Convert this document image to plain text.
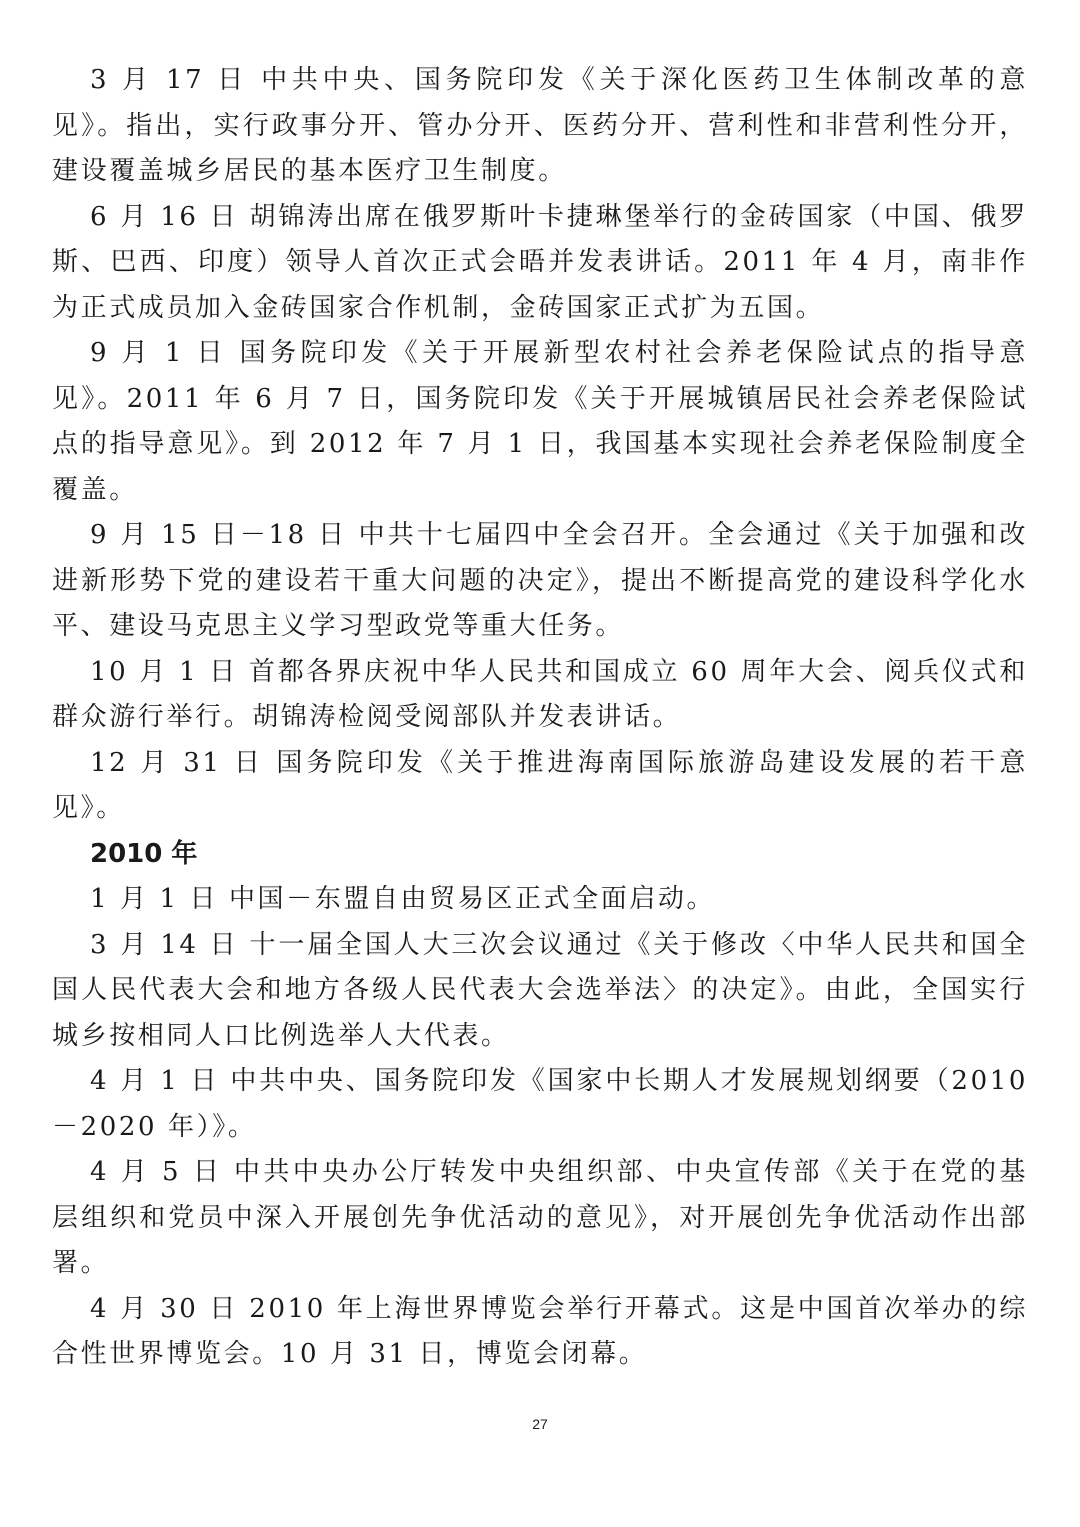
3 月 17 日 中共中央、国务院印发《关于深化医药卫生体制改革的意见》。指出，实行政事分开、管办分开、医药分开、营利性和非营利性分开，建设覆盖城乡居民的基本医疗卫生制度。

6 月 16 日 胡锦涛出席在俄罗斯叶卡捷琳堡举行的金砖国家（中国、俄罗斯、巴西、印度）领导人首次正式会晤并发表讲话。2011 年 4 月，南非作为正式成员加入金砖国家合作机制，金砖国家正式扩为五国。

9 月 1 日 国务院印发《关于开展新型农村社会养老保险试点的指导意见》。2011 年 6 月 7 日，国务院印发《关于开展城镇居民社会养老保险试点的指导意见》。到 2012 年 7 月 1 日，我国基本实现社会养老保险制度全覆盖。

9 月 15 日－18 日 中共十七届四中全会召开。全会通过《关于加强和改进新形势下党的建设若干重大问题的决定》，提出不断提高党的建设科学化水平、建设马克思主义学习型政党等重大任务。

10 月 1 日 首都各界庆祝中华人民共和国成立 60 周年大会、阅兵仪式和群众游行举行。胡锦涛检阅受阅部队并发表讲话。

12 月 31 日 国务院印发《关于推进海南国际旅游岛建设发展的若干意见》。

2010 年

1 月 1 日 中国－东盟自由贸易区正式全面启动。

3 月 14 日 十一届全国人大三次会议通过《关于修改〈中华人民共和国全国人民代表大会和地方各级人民代表大会选举法〉的决定》。由此，全国实行城乡按相同人口比例选举人大代表。

4 月 1 日 中共中央、国务院印发《国家中长期人才发展规划纲要（2010－2020 年）》。

4 月 5 日 中共中央办公厅转发中央组织部、中央宣传部《关于在党的基层组织和党员中深入开展创先争优活动的意见》，对开展创先争优活动作出部署。

4 月 30 日 2010 年上海世界博览会举行开幕式。这是中国首次举办的综合性世界博览会。10 月 31 日，博览会闭幕。

27
